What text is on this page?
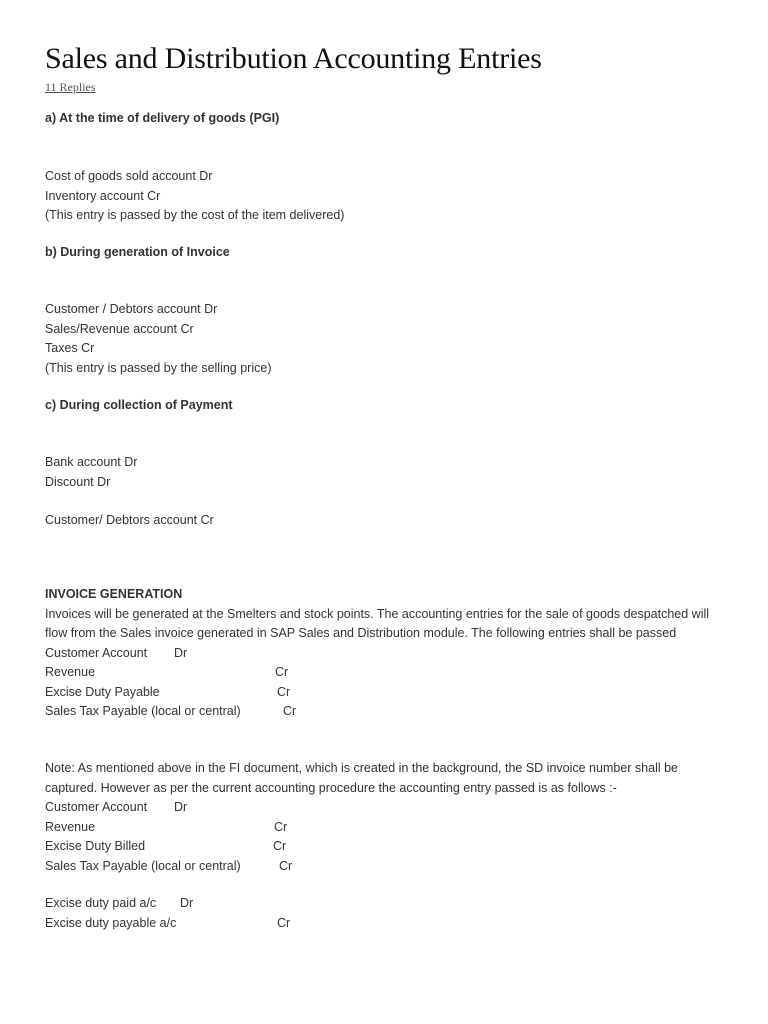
Sales and Distribution Accounting Entries
11 Replies
a) At the time of delivery of goods (PGI)
Cost of goods sold account Dr
Inventory account Cr
(This entry is passed by the cost of the item delivered)
b) During generation of Invoice
Customer / Debtors account Dr
Sales/Revenue account Cr
Taxes Cr
(This entry is passed by the selling price)
c) During collection of Payment
Bank account Dr
Discount Dr
Customer/ Debtors account Cr
INVOICE GENERATION
Invoices will be generated at the Smelters and stock points. The accounting entries for the sale of goods despatched will flow from the Sales invoice generated in SAP Sales and Distribution module. The following entries shall be passed
Customer Account Dr
Revenue	Cr
Excise Duty Payable	Cr
Sales Tax Payable (local or central)	Cr
Note: As mentioned above in the FI document, which is created in the background, the SD invoice number shall be captured. However as per the current accounting procedure the accounting entry passed is as follows :-
Customer Account Dr
Revenue	Cr
Excise Duty Billed	Cr
Sales Tax Payable (local or central)	Cr
Excise duty paid a/c Dr
Excise duty payable a/c	Cr
